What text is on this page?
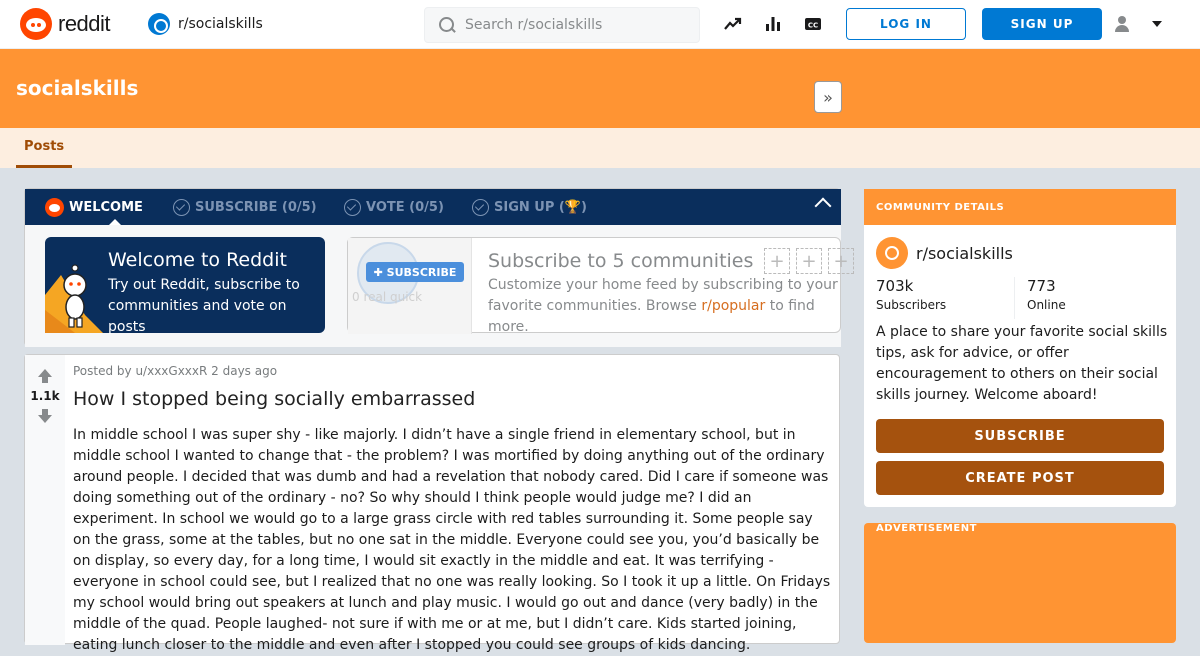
reddit	r/socialskills
Search r/socialskills	CC	LOG IN	SIGN UP
socialskills
Posts
WELCOME	SUBSCRIBE (0/5)	VOTE (0/5)	SIGN UP (🏆)
Welcome to Reddit

Try out Reddit, subscribe to communities and vote on posts

✚ SUBSCRIBE
0 real quick
Subscribe to 5 communities

Customize your home feed by subscribing to your favorite communities. Browse r/popular to find more.

+ + +
»
1.1k
Posted by u/xxxGxxxR 2 days ago
How I stopped being socially embarrassed
In middle school I was super shy - like majorly. I didn’t have a single friend in elementary school, but in middle school I wanted to change that - the problem? I was mortified by doing anything out of the ordinary around people. I decided that was dumb and had a revelation that nobody cared. Did I care if someone was doing something out of the ordinary - no? So why should I think people would judge me? I did an experiment. In school we would go to a large grass circle with red tables surrounding it. Some people say on the grass, some at the tables, but no one sat in the middle. Everyone could see you, you’d basically be on display, so every day, for a long time, I would sit exactly in the middle and eat. It was terrifying - everyone in school could see, but I realized that no one was really looking. So I took it up a little. On Fridays my school would bring out speakers at lunch and play music. I would go out and dance (very badly) in the middle of the quad. People laughed- not sure if with me or at me, but I didn’t care. Kids started joining, eating lunch closer to the middle and even after I stopped you could see groups of kids dancing.
COMMUNITY DETAILS
r/socialskills
703k
Subscribers
773
Online
A place to share your favorite social skills tips, ask for advice, or offer encouragement to others on their social skills journey. Welcome aboard!
SUBSCRIBE
CREATE POST
ADVERTISEMENT
